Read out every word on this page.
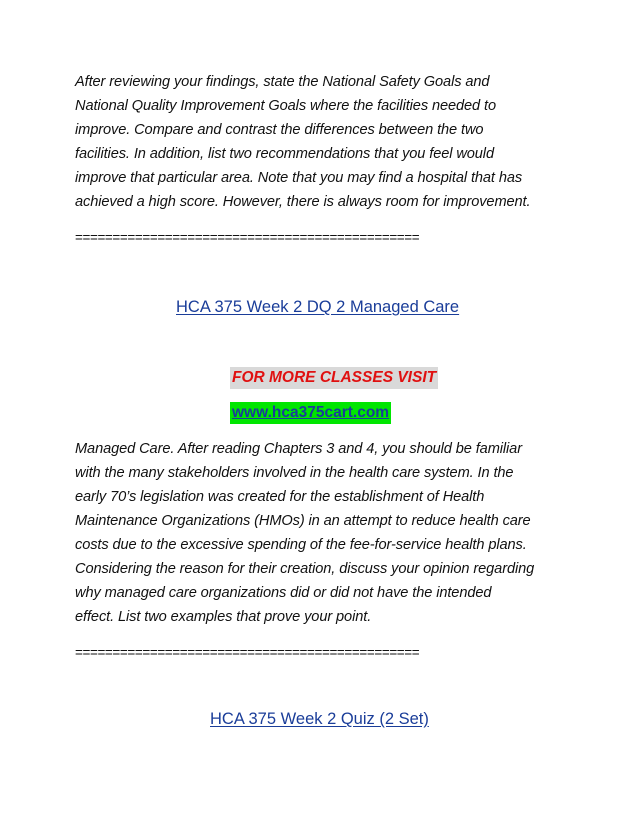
After reviewing your findings, state the National Safety Goals and
National Quality Improvement Goals where the facilities needed to
improve. Compare and contrast the differences between the two
facilities. In addition, list two recommendations that you feel would
improve that particular area. Note that you may find a hospital that has
achieved a high score. However, there is always room for improvement.
==============================================
HCA 375 Week 2 DQ 2 Managed Care
FOR MORE CLASSES VISIT
www.hca375cart.com
Managed Care. After reading Chapters 3 and 4, you should be familiar
with the many stakeholders involved in the health care system. In the
early 70’s legislation was created for the establishment of Health
Maintenance Organizations (HMOs) in an attempt to reduce health care
costs due to the excessive spending of the fee-for-service health plans.
Considering the reason for their creation, discuss your opinion regarding
why managed care organizations did or did not have the intended
effect. List two examples that prove your point.
==============================================
HCA 375 Week 2 Quiz (2 Set)
